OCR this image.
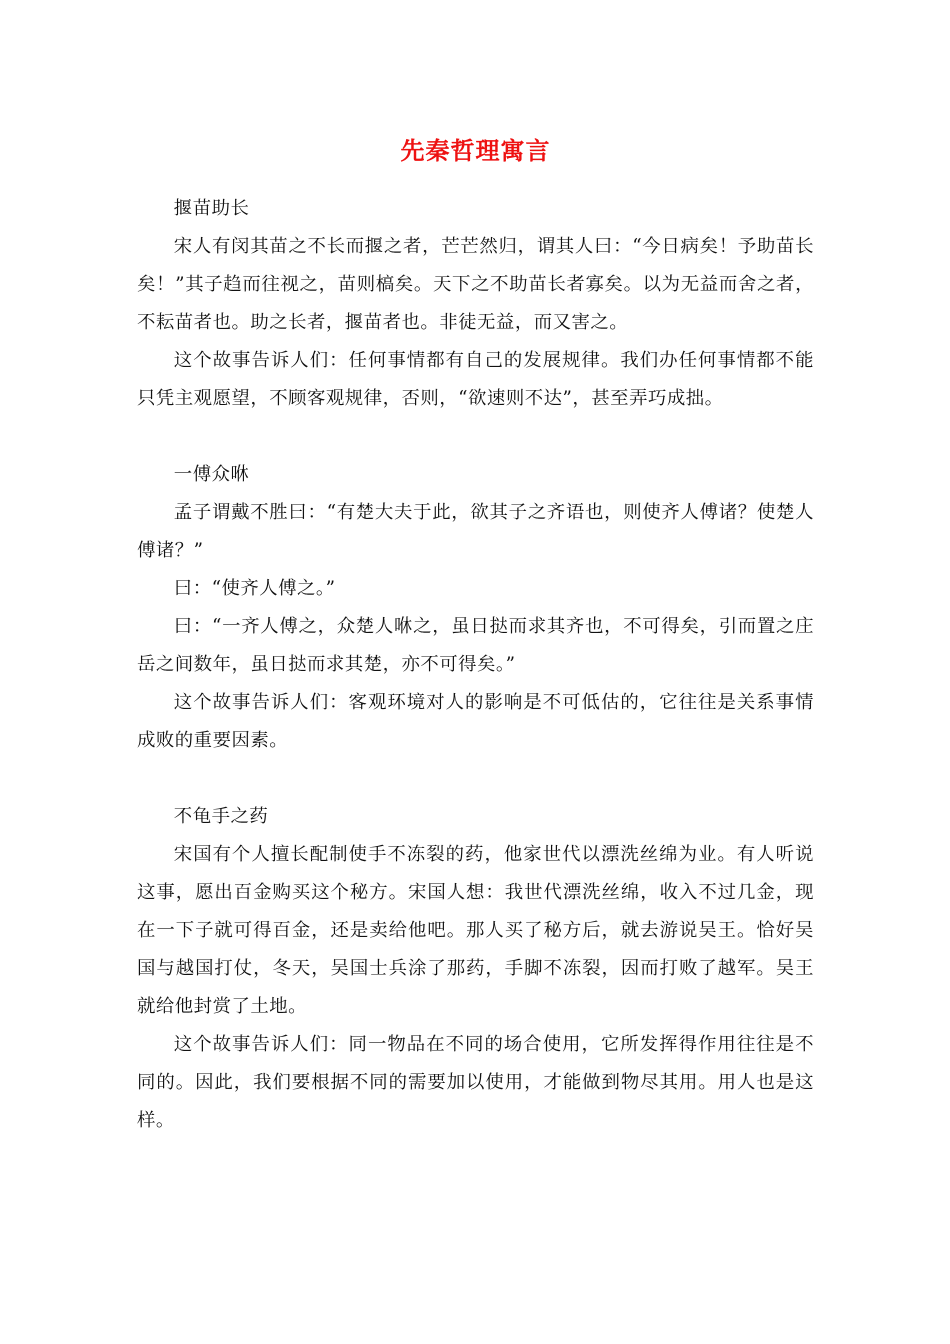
先秦哲理寓言

揠苗助长

宋人有闵其苗之不长而揠之者，芒芒然归，谓其人曰：“今日病矣！予助苗长矣！”其子趋而往视之，苗则槁矣。天下之不助苗长者寡矣。以为无益而舍之者，不耘苗者也。助之长者，揠苗者也。非徒无益，而又害之。

这个故事告诉人们：任何事情都有自己的发展规律。我们办任何事情都不能只凭主观愿望，不顾客观规律，否则，“欲速则不达”，甚至弄巧成拙。

一傅众咻

孟子谓戴不胜曰：“有楚大夫于此，欲其子之齐语也，则使齐人傅诸？使楚人傅诸？”

曰：“使齐人傅之。”

曰：“一齐人傅之，众楚人咻之，虽日挞而求其齐也，不可得矣，引而置之庄岳之间数年，虽日挞而求其楚，亦不可得矣。”

这个故事告诉人们：客观环境对人的影响是不可低估的，它往往是关系事情成败的重要因素。

不龟手之药

宋国有个人擅长配制使手不冻裂的药，他家世代以漂洗丝绵为业。有人听说这事，愿出百金购买这个秘方。宋国人想：我世代漂洗丝绵，收入不过几金，现在一下子就可得百金，还是卖给他吧。那人买了秘方后，就去游说吴王。恰好吴国与越国打仗，冬天，吴国士兵涂了那药，手脚不冻裂，因而打败了越军。吴王就给他封赏了土地。

这个故事告诉人们：同一物品在不同的场合使用，它所发挥得作用往往是不同的。因此，我们要根据不同的需要加以使用，才能做到物尽其用。用人也是这样。
